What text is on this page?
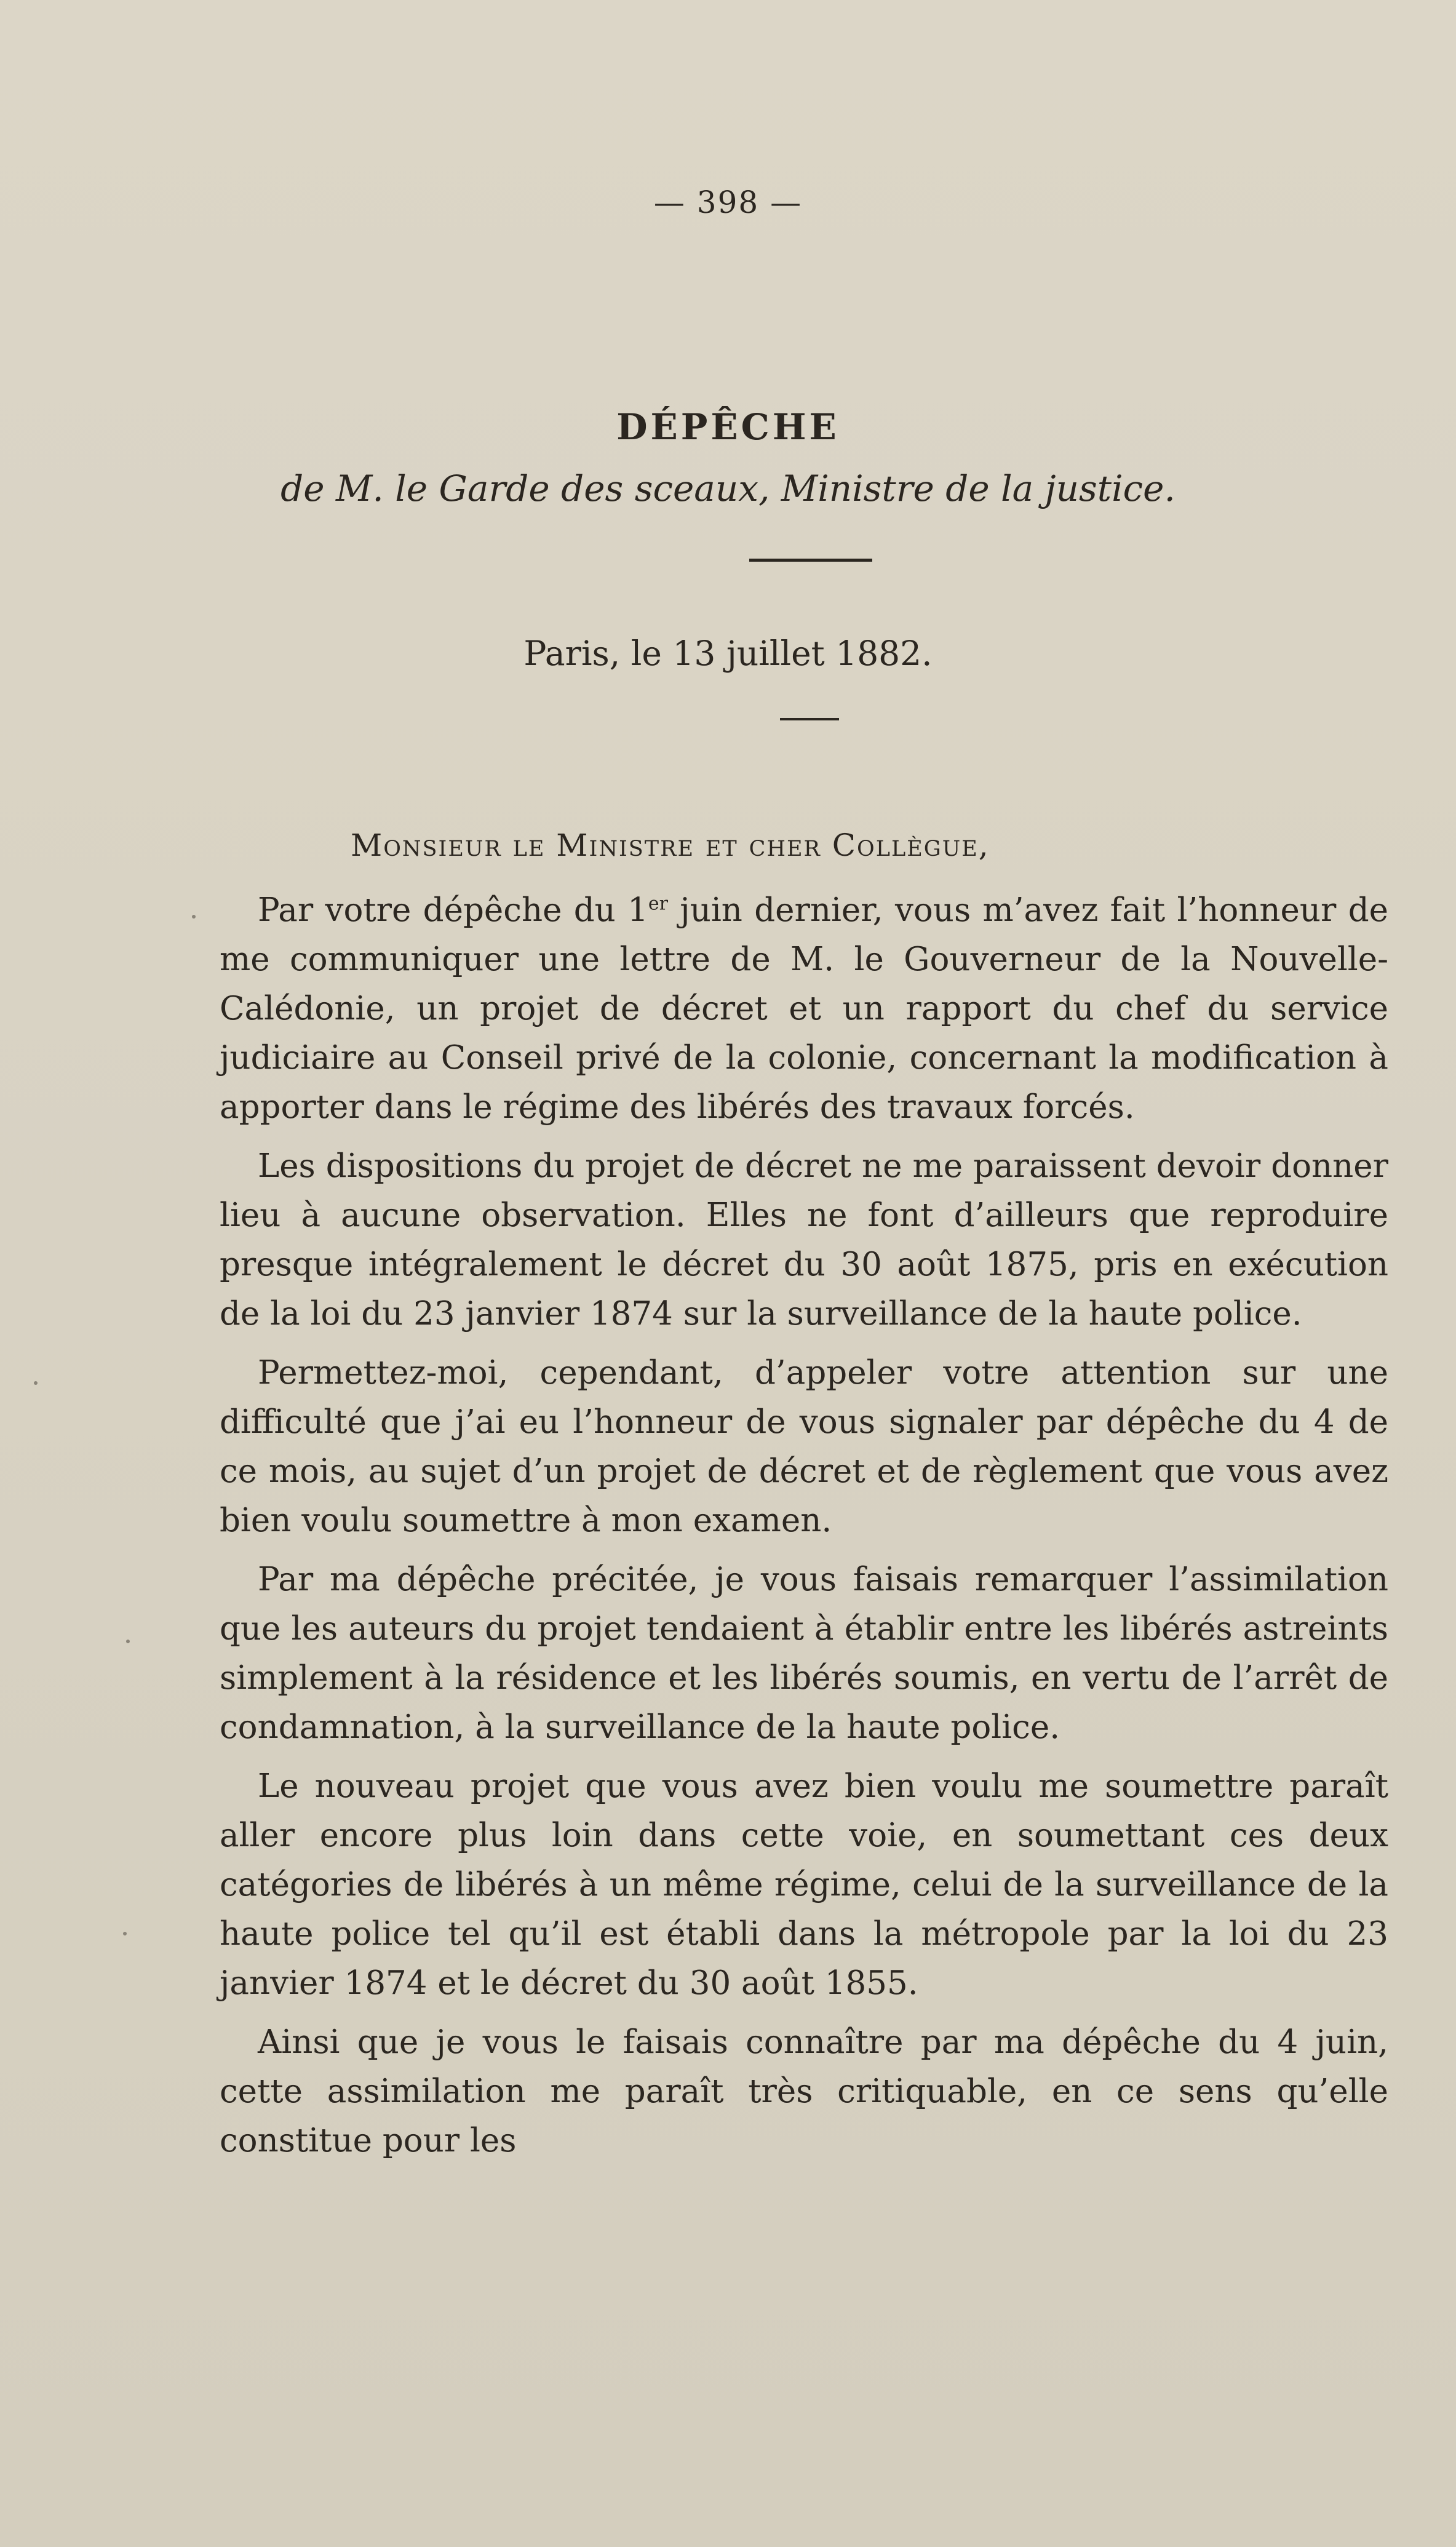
— 398 —
DÉPÊCHE
de M. le Garde des sceaux, Ministre de la justice.
Paris, le 13 juillet 1882.
Monsieur le Ministre et cher Collègue,

Par votre dépêche du 1er juin dernier, vous m’avez fait l’honneur de me communiquer une lettre de M. le Gouverneur de la Nouvelle-Calédonie, un projet de décret et un rapport du chef du service judiciaire au Conseil privé de la colonie, concernant la modification à apporter dans le régime des libérés des travaux forcés.

Les dispositions du projet de décret ne me paraissent devoir donner lieu à aucune observation. Elles ne font d’ailleurs que reproduire presque intégralement le décret du 30 août 1875, pris en exécution de la loi du 23 janvier 1874 sur la surveillance de la haute police.

Permettez-moi, cependant, d’appeler votre attention sur une difficulté que j’ai eu l’honneur de vous signaler par dépêche du 4 de ce mois, au sujet d’un projet de décret et de règlement que vous avez bien voulu soumettre à mon examen.

Par ma dépêche précitée, je vous faisais remarquer l’assimilation que les auteurs du projet tendaient à établir entre les libérés astreints simplement à la résidence et les libérés soumis, en vertu de l’arrêt de condamnation, à la surveillance de la haute police.

Le nouveau projet que vous avez bien voulu me soumettre paraît aller encore plus loin dans cette voie, en soumettant ces deux catégories de libérés à un même régime, celui de la surveillance de la haute police tel qu’il est établi dans la métropole par la loi du 23 janvier 1874 et le décret du 30 août 1855.

Ainsi que je vous le faisais connaître par ma dépêche du 4 juin, cette assimilation me paraît très critiquable, en ce sens qu’elle constitue pour les
